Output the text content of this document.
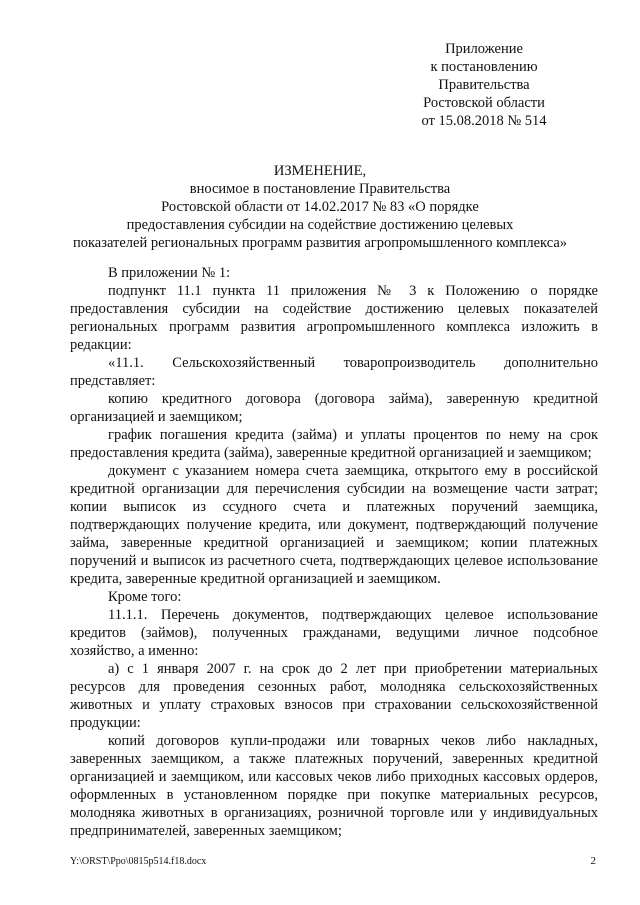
Приложение
к постановлению
Правительства
Ростовской области
от 15.08.2018 № 514
ИЗМЕНЕНИЕ,
вносимое в постановление Правительства
Ростовской области от 14.02.2017 № 83 «О порядке
предоставления субсидии на содействие достижению целевых
показателей региональных программ развития агропромышленного комплекса»

В приложении № 1:

подпункт 11.1 пункта 11 приложения № 3 к Положению о порядке предоставления субсидии на содействие достижению целевых показателей региональных программ развития агропромышленного комплекса изложить в редакции:

«11.1. Сельскохозяйственный товаропроизводитель дополнительно представляет:

копию кредитного договора (договора займа), заверенную кредитной организацией и заемщиком;

график погашения кредита (займа) и уплаты процентов по нему на срок предоставления кредита (займа), заверенные кредитной организацией и заемщиком;

документ с указанием номера счета заемщика, открытого ему в российской кредитной организации для перечисления субсидии на возмещение части затрат; копии выписок из ссудного счета и платежных поручений заемщика, подтверждающих получение кредита, или документ, подтверждающий получение займа, заверенные кредитной организацией и заемщиком; копии платежных поручений и выписок из расчетного счета, подтверждающих целевое использование кредита, заверенные кредитной организацией и заемщиком.

Кроме того:

11.1.1. Перечень документов, подтверждающих целевое использование кредитов (займов), полученных гражданами, ведущими личное подсобное хозяйство, а именно:

а) с 1 января 2007 г. на срок до 2 лет при приобретении материальных ресурсов для проведения сезонных работ, молодняка сельскохозяйственных животных и уплату страховых взносов при страховании сельскохозяйственной продукции:

копий договоров купли-продажи или товарных чеков либо накладных, заверенных заемщиком, а также платежных поручений, заверенных кредитной организацией и заемщиком, или кассовых чеков либо приходных кассовых ордеров, оформленных в установленном порядке при покупке материальных ресурсов, молодняка животных в организациях, розничной торговле или у индивидуальных предпринимателей, заверенных заемщиком;

Y:\ORST\Ppo\0815p514.f18.docx	2
